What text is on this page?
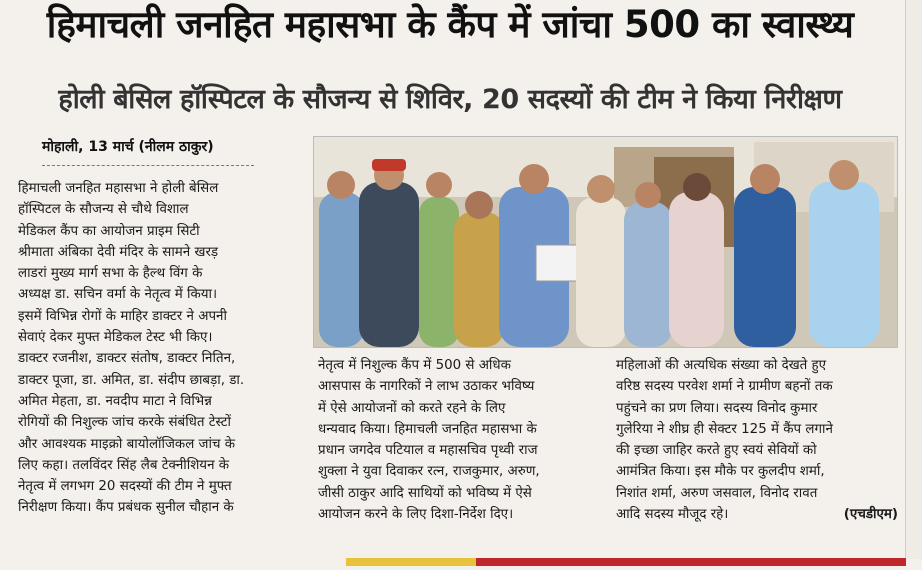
हिमाचली जनहित महासभा के कैंप में जांचा 500 का स्वास्थ्य
होली बेसिल हॉस्पिटल के सौजन्य से शिविर, 20 सदस्यों की टीम ने किया निरीक्षण
मोहाली, 13 मार्च (नीलम ठाकुर)
हिमाचली जनहित महासभा ने होली बेसिल
हॉस्पिटल के सौजन्य से चौथे विशाल
मेडिकल कैंप का आयोजन प्राइम सिटी
श्रीमाता अंबिका देवी मंदिर के सामने खरड़
लाडरां मुख्य मार्ग सभा के हैल्थ विंग के
अध्यक्ष डा. सचिन वर्मा के नेतृत्व में किया।
इसमें विभिन्न रोगों के माहिर डाक्टर ने अपनी
सेवाएं देकर मुफ्त मेडिकल टेस्ट भी किए।
डाक्टर रजनीश, डाक्टर संतोष, डाक्टर नितिन,
डाक्टर पूजा, डा. अमित, डा. संदीप छाबड़ा, डा.
अमित मेहता, डा. नवदीप माटा ने विभिन्न
रोगियों की निशुल्क जांच करके संबंधित टेस्टों
और आवश्यक माइक्रो बायोलॉजिकल जांच के
लिए कहा। तलविंदर सिंह लैब टेक्नीशियन के
नेतृत्व में लगभग 20 सदस्यों की टीम ने मुफ्त
निरीक्षण किया। कैंप प्रबंधक सुनील चौहान के
नेतृत्व में निशुल्क कैंप में 500 से अधिक
आसपास के नागरिकों ने लाभ उठाकर भविष्य
में ऐसे आयोजनों को करते रहने के लिए
धन्यवाद किया। हिमाचली जनहित महासभा के
प्रधान जगदेव पटियाल व महासचिव पृथ्वी राज
शुक्ला ने युवा दिवाकर रत्न, राजकुमार, अरुण,
जीसी ठाकुर आदि साथियों को भविष्य में ऐसे
आयोजन करने के लिए दिशा-निर्देश दिए।
महिलाओं की अत्यधिक संख्या को देखते हुए
वरिष्ठ सदस्य परवेश शर्मा ने ग्रामीण बहनों तक
पहुंचने का प्रण लिया। सदस्य विनोद कुमार
गुलेरिया ने शीघ्र ही सेक्टर 125 में कैंप लगाने
की इच्छा जाहिर करते हुए स्वयं सेवियों को
आमंत्रित किया। इस मौके पर कुलदीप शर्मा,
निशांत शर्मा, अरुण जसवाल, विनोद रावत
आदि सदस्य मौजूद रहे।	(एचडीएम)
